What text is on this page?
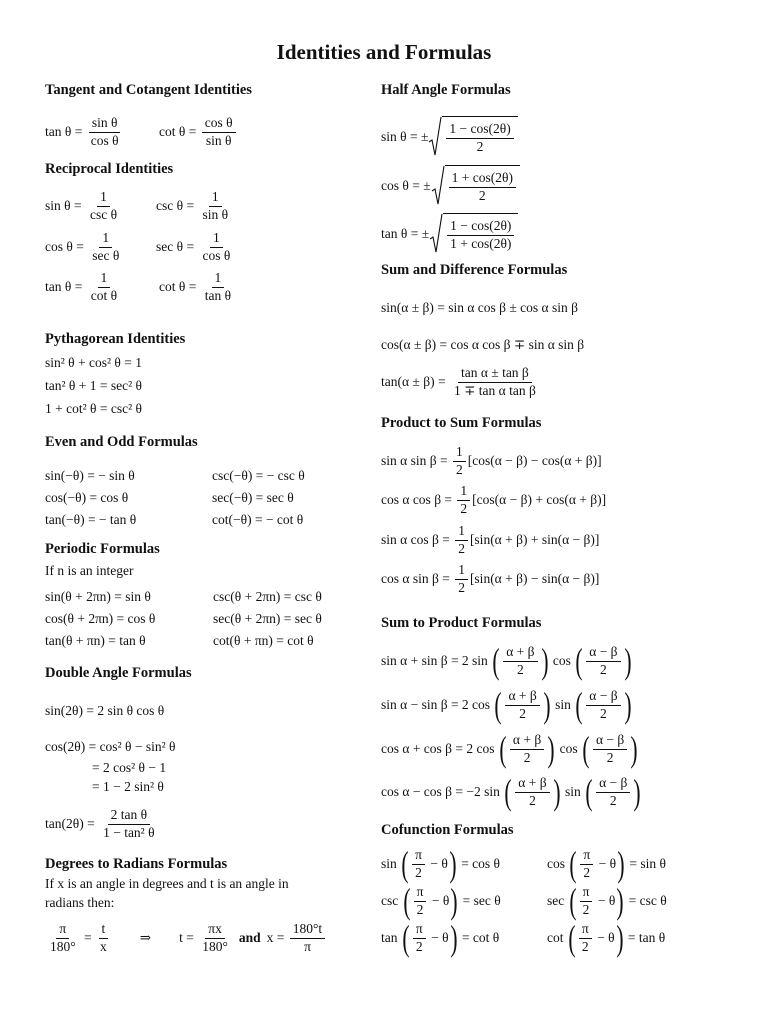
Identities and Formulas
Tangent and Cotangent Identities
$\tan \theta = \frac{\text{sin θ}}{\text{cos θ}}$	$\cot \theta = \frac{\text{cos θ}}{\text{sin θ}}$
Reciprocal Identities
$\sin \theta = \frac{1}{\text{csc θ}}$	$\csc \theta = \frac{1}{\text{sin θ}}$
$\cos \theta = \frac{1}{\text{sec θ}}$ $\sec \theta = \frac{1}{\text{cos θ}}$
$\tan \theta = \frac{1}{\text{cot θ}}$	$\cot \theta = \frac{1}{\text{tan θ}}$
Pythagorean Identities
sin² θ + cos² θ = 1
tan² θ + 1 = sec² θ
1 + cot² θ = csc² θ
Even and Odd Formulas
sin(−θ) = − sin θ	csc(−θ) = − csc θ
cos(−θ) = cos θ	sec(−θ) = sec θ
tan(−θ) = − tan θ	cot(−θ) = − cot θ
Periodic Formulas
If n is an integer
sin(θ + 2πn) = sin θ	csc(θ + 2πn) = csc θ
cos(θ + 2πn) = cos θ	sec(θ + 2πn) = sec θ
tan(θ + πn) = tan θ	cot(θ + πn) = cot θ
Double Angle Formulas
sin(2θ) = 2 sin θ cos θ
cos(2θ) = cos² θ − sin² θ
= 2 cos² θ − 1
= 1 − 2 sin² θ
$\tan(2\theta) = \frac{\text{2 tan θ}}{\text{1 − tan² θ}}$
Degrees to Radians Formulas
If x is an angle in degrees and t is an angle in
radians then:
$\frac{\pi}{180^\circ} = \frac{t}{x}$	⇒	$t = \frac{\pi x}{180^\circ}$ and $x = \frac{180^\circ t}{\pi}$
Half Angle Formulas
sin θ = ± $\frac{1 - \cos(2\theta)}{2}$
cos θ = ± $\frac{1 + \cos(2\theta)}{2}$
tan θ = ± $\frac{1 - \cos(2\theta)}{1 + \cos(2\theta)}$
Sum and Difference Formulas
sin(α ± β) = sin α cos β ± cos α sin β
cos(α ± β) = cos α cos β ∓ sin α sin β
$\tan(\alpha \pm \beta) = \frac{\text{tan α ± tan β}}{\text{1 ∓ tan α tan β}}$
Product to Sum Formulas
sin α $\sin \beta = \frac{1}{2} [\cos(\alpha - \beta) - \cos(\alpha + \beta)]$
cos α $\cos \beta = \frac{1}{2} [\cos(\alpha - \beta) + \cos(\alpha + \beta)]$
sin α $\cos \beta = \frac{1}{2} [\sin(\alpha + \beta) + \sin(\alpha - \beta)]$
cos α $\sin \beta = \frac{1}{2} [\sin(\alpha + \beta) - \sin(\alpha - \beta)]$
Sum to Product Formulas
sin α + sin β = 2 sin ( $\frac{\alpha + \beta}{2}$ ) cos ( $\frac{\alpha - \beta}{2}$ )
sin α − sin β = 2 cos ( $\frac{\alpha + \beta}{2}$ ) sin ( $\frac{\alpha - \beta}{2}$ )
cos α + cos β = 2 cos ( $\frac{\alpha + \beta}{2}$ ) cos ( $\frac{\alpha - \beta}{2}$ )
cos α − cos β = −2 sin ( $\frac{\alpha + \beta}{2}$ ) sin ( $\frac{\alpha - \beta}{2}$ )
Cofunction Formulas
sin ( $\frac{\pi}{2} - \theta$ ) = cos θ	cos ( $\frac{\pi}{2} - \theta$ ) = sin θ
csc ( $\frac{\pi}{2} - \theta$ ) = sec θ	sec ( $\frac{\pi}{2} - \theta$ ) = csc θ
tan ( $\frac{\pi}{2} - \theta$ ) = cot θ	cot ( $\frac{\pi}{2} - \theta$ ) = tan θ
